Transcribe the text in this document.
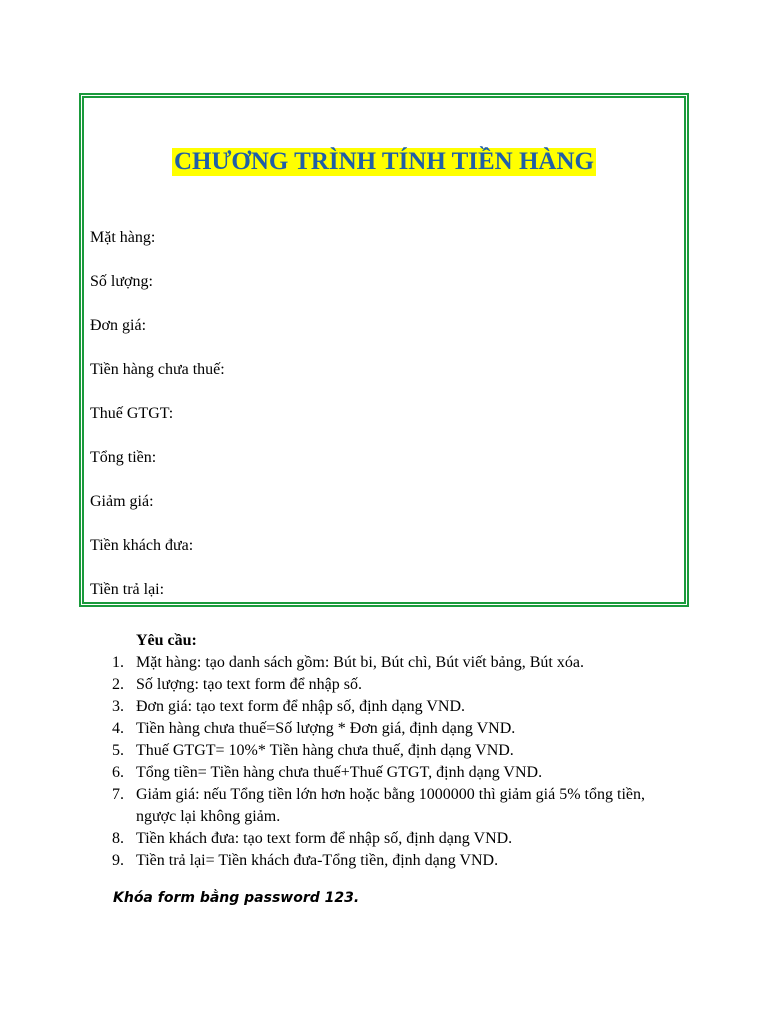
CHƯƠNG TRÌNH TÍNH TIỀN HÀNG
Mặt hàng:
Số lượng:
Đơn giá:
Tiền hàng chưa thuế:
Thuế GTGT:
Tổng tiền:
Giảm giá:
Tiền khách đưa:
Tiền trả lại:
Yêu cầu:
1. Mặt hàng: tạo danh sách gồm: Bút bi, Bút chì, Bút viết bảng, Bút xóa.
2. Số lượng: tạo text form để nhập số.
3. Đơn giá: tạo text form để nhập số, định dạng VND.
4. Tiền hàng chưa thuế=Số lượng * Đơn giá, định dạng VND.
5. Thuế GTGT= 10%* Tiền hàng chưa thuế, định dạng VND.
6. Tổng tiền= Tiền hàng chưa thuế+Thuế GTGT, định dạng VND.
7. Giảm giá: nếu Tổng tiền lớn hơn hoặc bằng 1000000 thì giảm giá 5% tổng tiền, ngược lại không giảm.
8. Tiền khách đưa: tạo text form để nhập số, định dạng VND.
9. Tiền trả lại= Tiền khách đưa-Tổng tiền, định dạng VND.
Khóa form bằng password 123.
